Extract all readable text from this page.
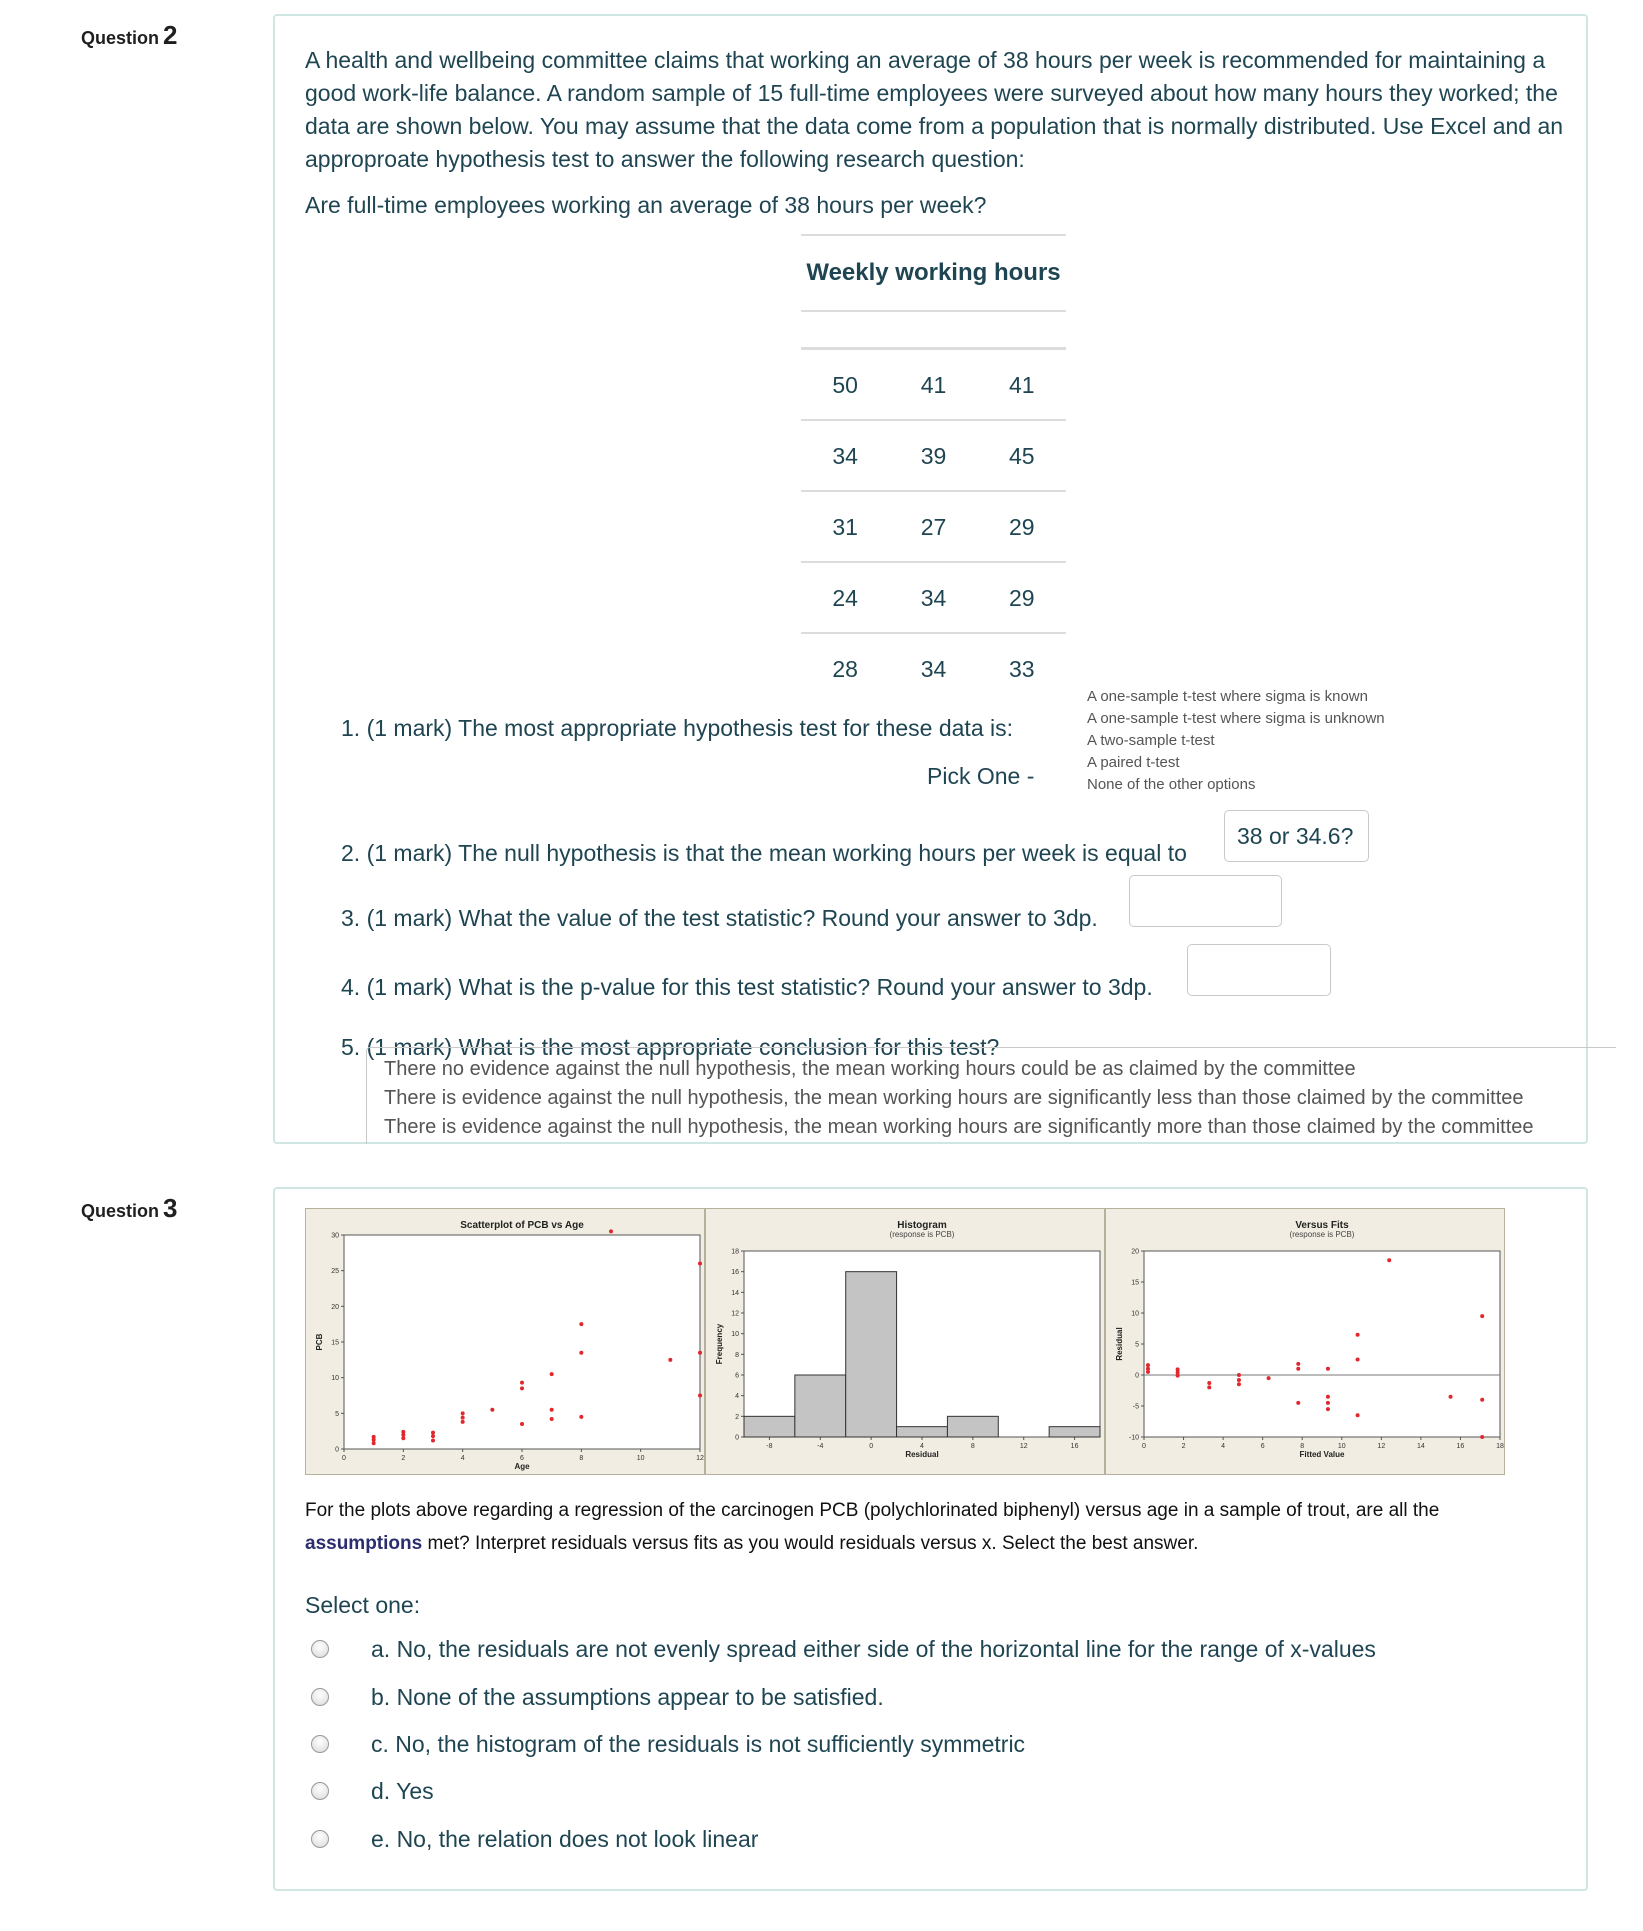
Question 2

A health and wellbeing committee claims that working an average of 38 hours per week is recommended for maintaining a good work-life balance. A random sample of 15 full-time employees were surveyed about how many hours they worked; the data are shown below. You may assume that the data come from a population that is normally distributed. Use Excel and an approproate hypothesis test to answer the following research question:

Are full-time employees working an average of 38 hours per week?

Weekly working hours
50	41	41
34	39	45
31	27	29
24	34	29
28	34	33
1. (1 mark) The most appropriate hypothesis test for these data is:
Pick One -
A one-sample t-test where sigma is known
A one-sample t-test where sigma is unknown
A two-sample t-test
A paired t-test
None of the other options
2. (1 mark) The null hypothesis is that the mean working hours per week is equal to
38 or 34.6?
3. (1 mark) What the value of the test statistic? Round your answer to 3dp.
4. (1 mark) What is the p-value for this test statistic? Round your answer to 3dp.
5. (1 mark) What is the most appropriate conclusion for this test?
There no evidence against the null hypothesis, the mean working hours could be as claimed by the committee
There is evidence against the null hypothesis, the mean working hours are significantly less than those claimed by the committee
There is evidence against the null hypothesis, the mean working hours are significantly more than those claimed by the committee
Question 3
Scatterplot of PCB vs Age
0
5
10
15
20
25
30
0	2	4	6	8	10	12
Age
PCB
Histogram
(response is PCB)
0
2
4
6
8
10
12
14
16
18
-8	-4	0	4	8	12	16
Residual
Frequency
Versus Fits
(response is PCB)
-10
-5
0
5
10
15
20
0	2	4	6	8	10	12	14	16	18
Fitted Value
Residual
For the plots above regarding a regression of the carcinogen PCB (polychlorinated biphenyl) versus age in a sample of trout, are all the assumptions met? Interpret residuals versus fits as you would residuals versus x. Select the best answer.
Select one:
a. No, the residuals are not evenly spread either side of the horizontal line for the range of x-values
b. None of the assumptions appear to be satisfied.
c. No, the histogram of the residuals is not sufficiently symmetric
d. Yes
e. No, the relation does not look linear
